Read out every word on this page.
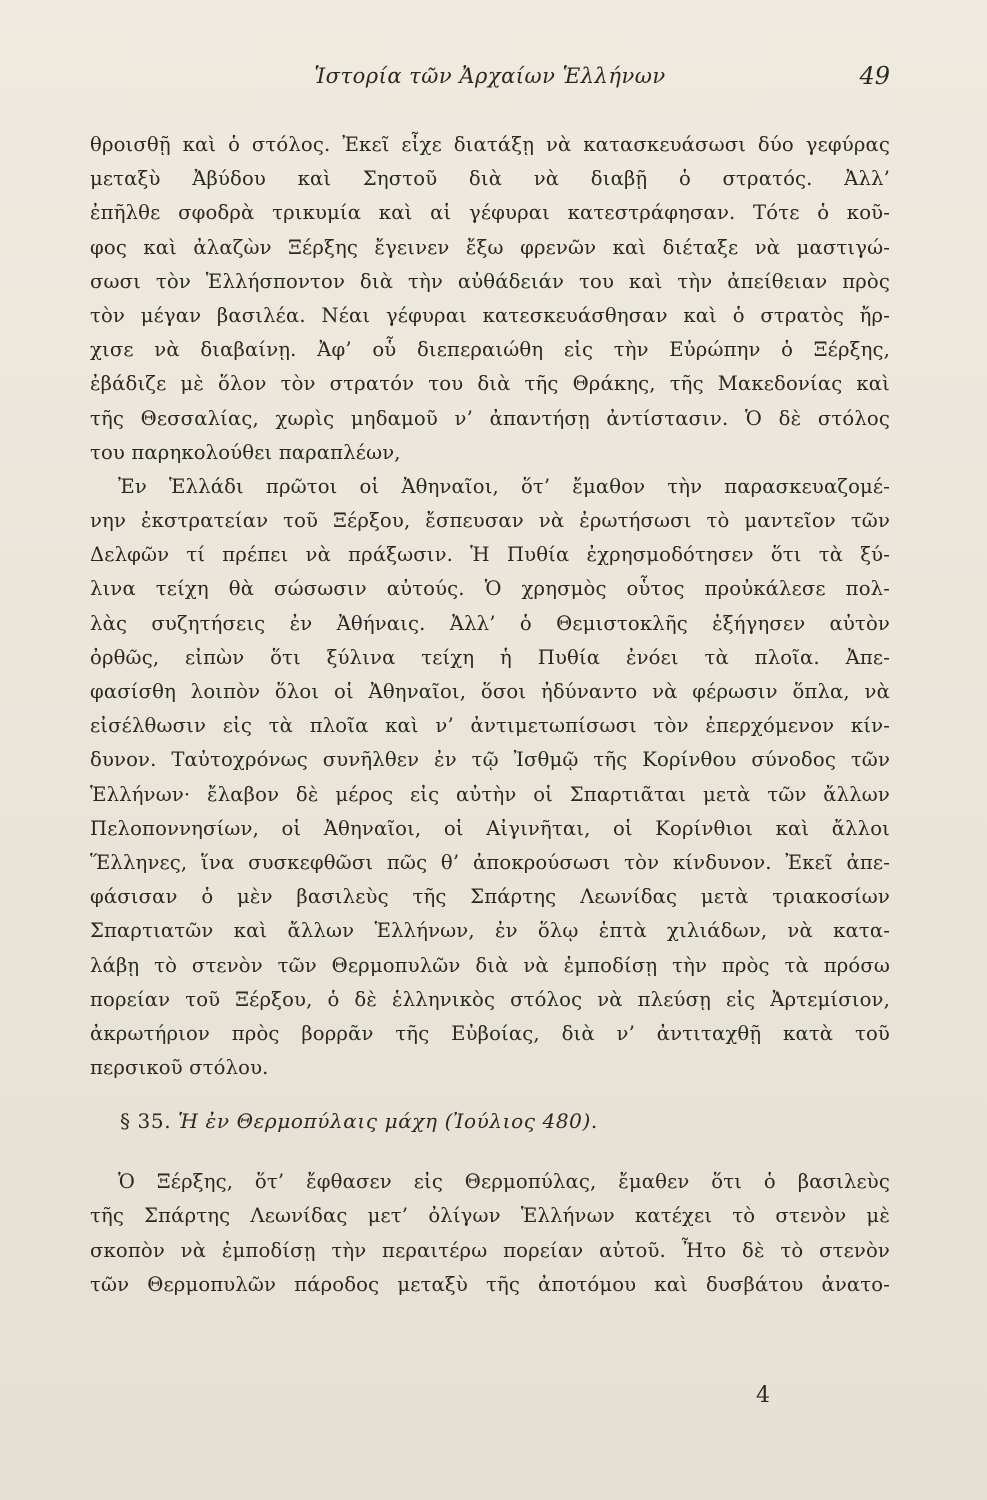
Ἱστορία τῶν Ἀρχαίων Ἑλλήνων	49
θροισθῇ καὶ ὁ στόλος. Ἐκεῖ εἶχε διατάξῃ νὰ κατασκευάσωσι δύο γεφύρας
μεταξὺ Ἀβύδου καὶ Σηστοῦ διὰ νὰ διαβῇ ὁ στρατός. Ἀλλ’
ἐπῆλθε σφοδρὰ τρικυμία καὶ αἱ γέφυραι κατεστράφησαν. Τότε ὁ κοῦ-
φος καὶ ἀλαζὼν Ξέρξης ἔγεινεν ἔξω φρενῶν καὶ διέταξε νὰ μαστιγώ-
σωσι τὸν Ἑλλήσποντον διὰ τὴν αὐθάδειάν του καὶ τὴν ἀπείθειαν πρὸς
τὸν μέγαν βασιλέα. Νέαι γέφυραι κατεσκευάσθησαν καὶ ὁ στρατὸς ἤρ-
χισε νὰ διαβαίνῃ. Ἀφ’ οὗ διεπεραιώθη εἰς τὴν Εὐρώπην ὁ Ξέρξης,
ἐβάδιζε μὲ ὅλον τὸν στρατόν του διὰ τῆς Θράκης, τῆς Μακεδονίας καὶ
τῆς Θεσσαλίας, χωρὶς μηδαμοῦ ν’ ἀπαντήσῃ ἀντίστασιν. Ὁ δὲ στόλος
του παρηκολούθει παραπλέων,
Ἐν Ἑλλάδι πρῶτοι οἱ Ἀθηναῖοι, ὅτ’ ἔμαθον τὴν παρασκευαζομέ-
νην ἐκστρατείαν τοῦ Ξέρξου, ἔσπευσαν νὰ ἐρωτήσωσι τὸ μαντεῖον τῶν
Δελφῶν τί πρέπει νὰ πράξωσιν. Ἡ Πυθία ἐχρησμοδότησεν ὅτι τὰ ξύ-
λινα τείχη θὰ σώσωσιν αὐτούς. Ὁ χρησμὸς οὗτος προὐκάλεσε πολ-
λὰς συζητήσεις ἐν Ἀθήναις. Ἀλλ’ ὁ Θεμιστοκλῆς ἐξήγησεν αὐτὸν
ὀρθῶς, εἰπὼν ὅτι ξύλινα τείχη ἡ Πυθία ἐνόει τὰ πλοῖα. Ἀπε-
φασίσθη λοιπὸν ὅλοι οἱ Ἀθηναῖοι, ὅσοι ἠδύναντο νὰ φέρωσιν ὅπλα, νὰ
εἰσέλθωσιν εἰς τὰ πλοῖα καὶ ν’ ἀντιμετωπίσωσι τὸν ἐπερχόμενον κίν-
δυνον. Ταὐτοχρόνως συνῆλθεν ἐν τῷ Ἰσθμῷ τῆς Κορίνθου σύνοδος τῶν
Ἑλλήνων· ἔλαβον δὲ μέρος εἰς αὐτὴν οἱ Σπαρτιᾶται μετὰ τῶν ἄλλων
Πελοποννησίων, οἱ Ἀθηναῖοι, οἱ Αἰγινῆται, οἱ Κορίνθιοι καὶ ἄλλοι
Ἕλληνες, ἵνα συσκεφθῶσι πῶς θ’ ἀποκρούσωσι τὸν κίνδυνον. Ἐκεῖ ἀπε-
φάσισαν ὁ μὲν βασιλεὺς τῆς Σπάρτης Λεωνίδας μετὰ τριακοσίων
Σπαρτιατῶν καὶ ἄλλων Ἑλλήνων, ἐν ὅλῳ ἑπτὰ χιλιάδων, νὰ κατα-
λάβῃ τὸ στενὸν τῶν Θερμοπυλῶν διὰ νὰ ἐμποδίσῃ τὴν πρὸς τὰ πρόσω
πορείαν τοῦ Ξέρξου, ὁ δὲ ἑλληνικὸς στόλος νὰ πλεύσῃ εἰς Ἀρτεμίσιον,
ἀκρωτήριον πρὸς βορρᾶν τῆς Εὐβοίας, διὰ ν’ ἀντιταχθῇ κατὰ τοῦ
περσικοῦ στόλου.
§ 35. Ἡ ἐν Θερμοπύλαις μάχη (Ἰούλιος 480).
Ὁ Ξέρξης, ὅτ’ ἔφθασεν εἰς Θερμοπύλας, ἔμαθεν ὅτι ὁ βασιλεὺς
τῆς Σπάρτης Λεωνίδας μετ’ ὀλίγων Ἑλλήνων κατέχει τὸ στενὸν μὲ
σκοπὸν νὰ ἐμποδίσῃ τὴν περαιτέρω πορείαν αὐτοῦ. Ἦτο δὲ τὸ στενὸν
τῶν Θερμοπυλῶν πάροδος μεταξὺ τῆς ἀποτόμου καὶ δυσβάτου ἀνατο-
4
